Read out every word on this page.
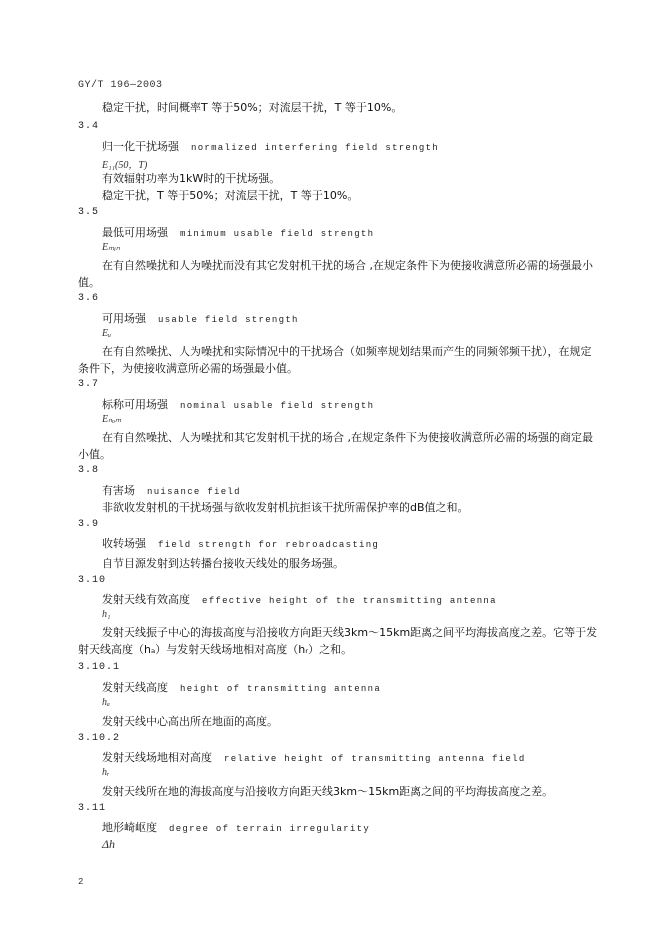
GY/T 196—2003
稳定干扰，时间概率T 等于50%；对流层干扰，T 等于10%。
3.4
归一化干扰场强 normalized interfering field strength
E₁₁(50，T)
有效辐射功率为1kW时的干扰场强。
稳定干扰，T 等于50%；对流层干扰，T 等于10%。
3.5
最低可用场强 minimum usable field strength
Eₘᵢₙ
在有自然噪扰和人为噪扰而没有其它发射机干扰的场合 ,在规定条件下为使接收满意所必需的场强最小值。
3.6
可用场强 usable field strength
Eᵤ
在有自然噪扰、人为噪扰和实际情况中的干扰场合（如频率规划结果而产生的同频邻频干扰），在规定条件下，为使接收满意所必需的场强最小值。
3.7
标称可用场强 nominal usable field strength
Eₙₒₘ
在有自然噪扰、人为噪扰和其它发射机干扰的场合 ,在规定条件下为使接收满意所必需的场强的商定最小值。
3.8
有害场 nuisance field
非欲收发射机的干扰场强与欲收发射机抗拒该干扰所需保护率的dB值之和。
3.9
收转场强 field strength for rebroadcasting
自节目源发射到达转播台接收天线处的服务场强。
3.10
发射天线有效高度 effective height of the transmitting antenna
h₁
发射天线振子中心的海拔高度与沿接收方向距天线3km～15km距离之间平均海拔高度之差。它等于发射天线高度（hₐ）与发射天线场地相对高度（hᵣ）之和。
3.10.1
发射天线高度 height of transmitting antenna
hₐ
发射天线中心高出所在地面的高度。
3.10.2
发射天线场地相对高度 relative height of transmitting antenna field
hᵣ
发射天线所在地的海拔高度与沿接收方向距天线3km～15km距离之间的平均海拔高度之差。
3.11
地形崎岖度 degree of terrain irregularity
Δh
2
